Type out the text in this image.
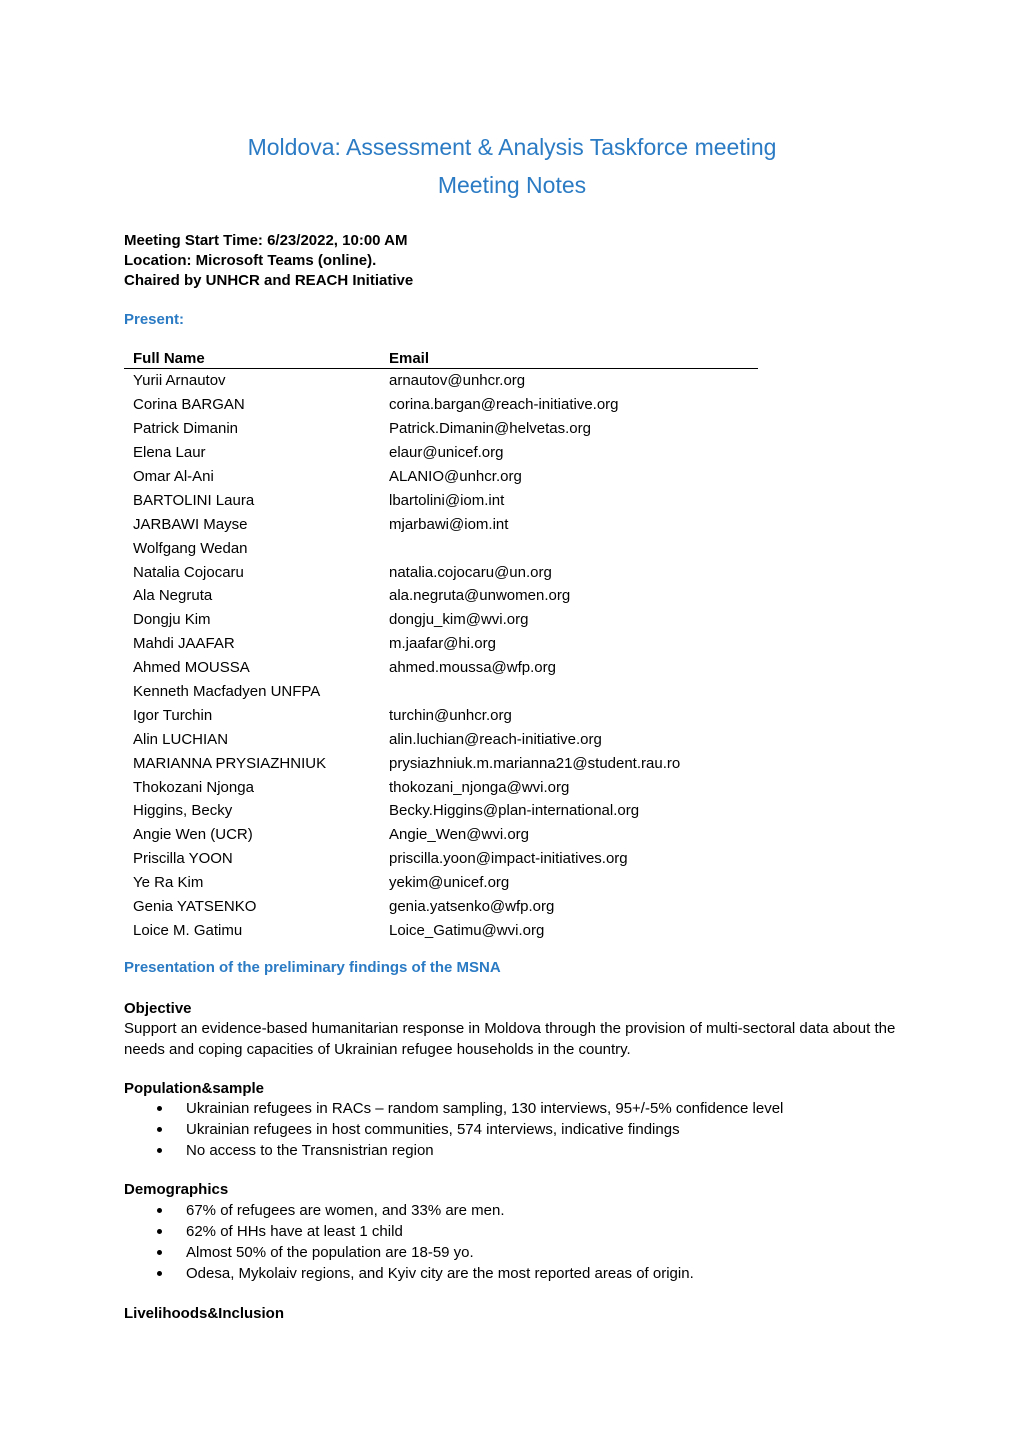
Moldova: Assessment & Analysis Taskforce meeting
Meeting Notes
Meeting Start Time: 6/23/2022, 10:00 AM
Location: Microsoft Teams (online).
Chaired by UNHCR and REACH Initiative
Present:
Full Name	Email
Yurii Arnautov	arnautov@unhcr.org
Corina BARGAN	corina.bargan@reach-initiative.org
Patrick Dimanin	Patrick.Dimanin@helvetas.org
Elena Laur	elaur@unicef.org
Omar Al-Ani	ALANIO@unhcr.org
BARTOLINI Laura	lbartolini@iom.int
JARBAWI Mayse	mjarbawi@iom.int
Wolfgang Wedan	
Natalia Cojocaru	natalia.cojocaru@un.org
Ala Negruta	ala.negruta@unwomen.org
Dongju Kim	dongju_kim@wvi.org
Mahdi JAAFAR	m.jaafar@hi.org
Ahmed MOUSSA	ahmed.moussa@wfp.org
Kenneth Macfadyen UNFPA	
Igor Turchin	turchin@unhcr.org
Alin LUCHIAN	alin.luchian@reach-initiative.org
MARIANNA PRYSIAZHNIUK	prysiazhniuk.m.marianna21@student.rau.ro
Thokozani Njonga	thokozani_njonga@wvi.org
Higgins, Becky	Becky.Higgins@plan-international.org
Angie Wen (UCR)	Angie_Wen@wvi.org
Priscilla YOON	priscilla.yoon@impact-initiatives.org
Ye Ra Kim	yekim@unicef.org
Genia YATSENKO	genia.yatsenko@wfp.org
Loice M. Gatimu	Loice_Gatimu@wvi.org
Presentation of the preliminary findings of the MSNA
Objective

Support an evidence-based humanitarian response in Moldova through the provision of multi-sectoral data about the needs and coping capacities of Ukrainian refugee households in the country.

Population&sample
Ukrainian refugees in RACs – random sampling, 130 interviews, 95+/-5% confidence level
Ukrainian refugees in host communities, 574 interviews, indicative findings
No access to the Transnistrian region
Demographics
67% of refugees are women, and 33% are men.
62% of HHs have at least 1 child
Almost 50% of the population are 18-59 yo.
Odesa, Mykolaiv regions, and Kyiv city are the most reported areas of origin.
Livelihoods&Inclusion
